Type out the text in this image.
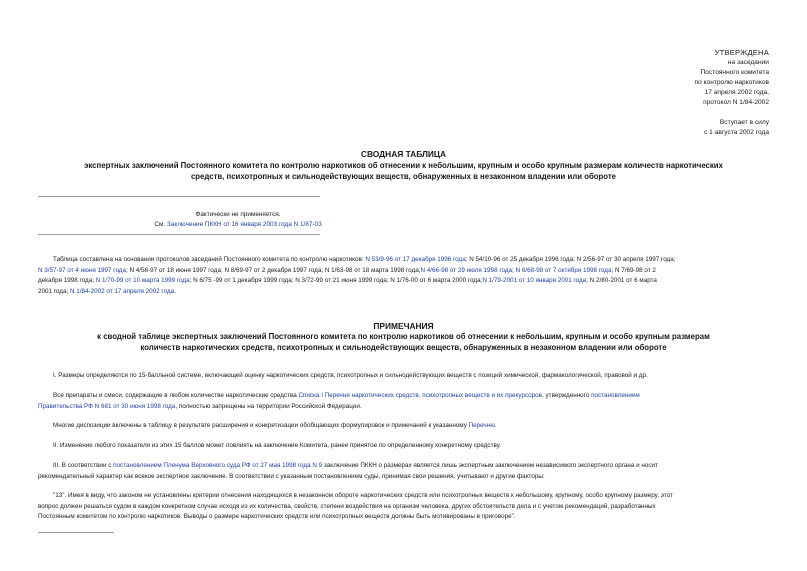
УТВЕРЖДЕНА
на заседании
Постоянного комитета
по контролю наркотиков
17 апреля 2002 года,
протокол N 1/84-2002
Вступает в силу
с 1 августа 2002 года
СВОДНАЯ ТАБЛИЦА
экспертных заключений Постоянного комитета по контролю наркотиков об отнесении к небольшим, крупным и особо крупным размерам количеств наркотических
средств, психотропных и сильнодействующих веществ, обнаруженных в незаконном владении или обороте
Фактически не применяется.
См. Заключение ПККН от 16 января 2003 года N 1/87-03
Таблица составлена на основании протоколов заседаний Постоянного комитета по контролю наркотиков: N 53/9-96 от 17 декабря 1996 года; N 54/10-96 от 25 декабря 1996 года; N 2/56-97 от 30 апреля 1997 года;
N 3/57-97 от 4 июня 1997 года; N 4/58-97 от 18 июня 1997 года; N 8/69-97 от 2 декабря 1997 года; N 1/63-98 от 18 марта 1998 года;N 4/66-98 от 29 июля 1998 года; N 6/68-98 от 7 октября 1998 года; N 7/69-98 от 2
декабря 1998 года; N 1/70-99 от 10 марта 1999 года; N 6/75 -99 от 1 декабря 1999 года; N 3/72-99 от 21 июня 1999 года; N 1/76-00 от 6 марта 2000 года;N 1/79-2001 от 10 января 2001 года; N 2/80-2001 от 6 марта
2001 года; N 1/84-2002 от 17 апреля 2002 года.
ПРИМЕЧАНИЯ
к сводной таблице экспертных заключений Постоянного комитета по контролю наркотиков об отнесении к небольшим, крупным и особо крупным размерам
количеств наркотических средств, психотропных и сильнодействующих веществ, обнаруженных в незаконном владении или обороте
I. Размеры определяются по 15-балльной системе, включающей оценку наркотических средств, психотропных и сильнодействующих веществ с позиций химической, фармакологической, правовой и др.
Все препараты и смеси, содержащие в любом количестве наркотические средства Списка I Перечня наркотических средств, психотропных веществ и их прекурсоров, утвержденного постановлением
Правительства РФ N 681 от 30 июня 1998 года, полностью запрещены на территории Российской Федерации.
Многие диспозиции включены в таблицу в результате расширения и конкретизации обобщающих формулировок и примечаний к указанному Перечню.
II. Изменение любого показателя из этих 15 баллов может повлиять на заключение Комитета, ранее принятое по определенному конкретному средству.
III. В соответствии с постановлением Пленума Верховного суда РФ от 27 мая 1998 года N 9 заключение ПККН о размерах является лишь экспертным заключением независимого экспертного органа и носит
рекомендательный характер как всякое экспертное заключение. В соответствии с указанным постановлением суды, принимая свои решения, учитывают и другие факторы:
"13". Имея в виду, что законом не установлены критерии отнесения находящихся в незаконном обороте наркотических средств или психотропных веществ к небольшому, крупному, особо крупному размеру, этот
вопрос должен решаться судом в каждом конкретном случае исходя из их количества, свойств, степени воздействия на организм человека, других обстоятельств дела и с учетом рекомендаций, разработанных
Постоянным комитетом по контролю наркотиков. Выводы о размере наркотических средств или психотропных веществ должны быть мотивированы в приговоре".
